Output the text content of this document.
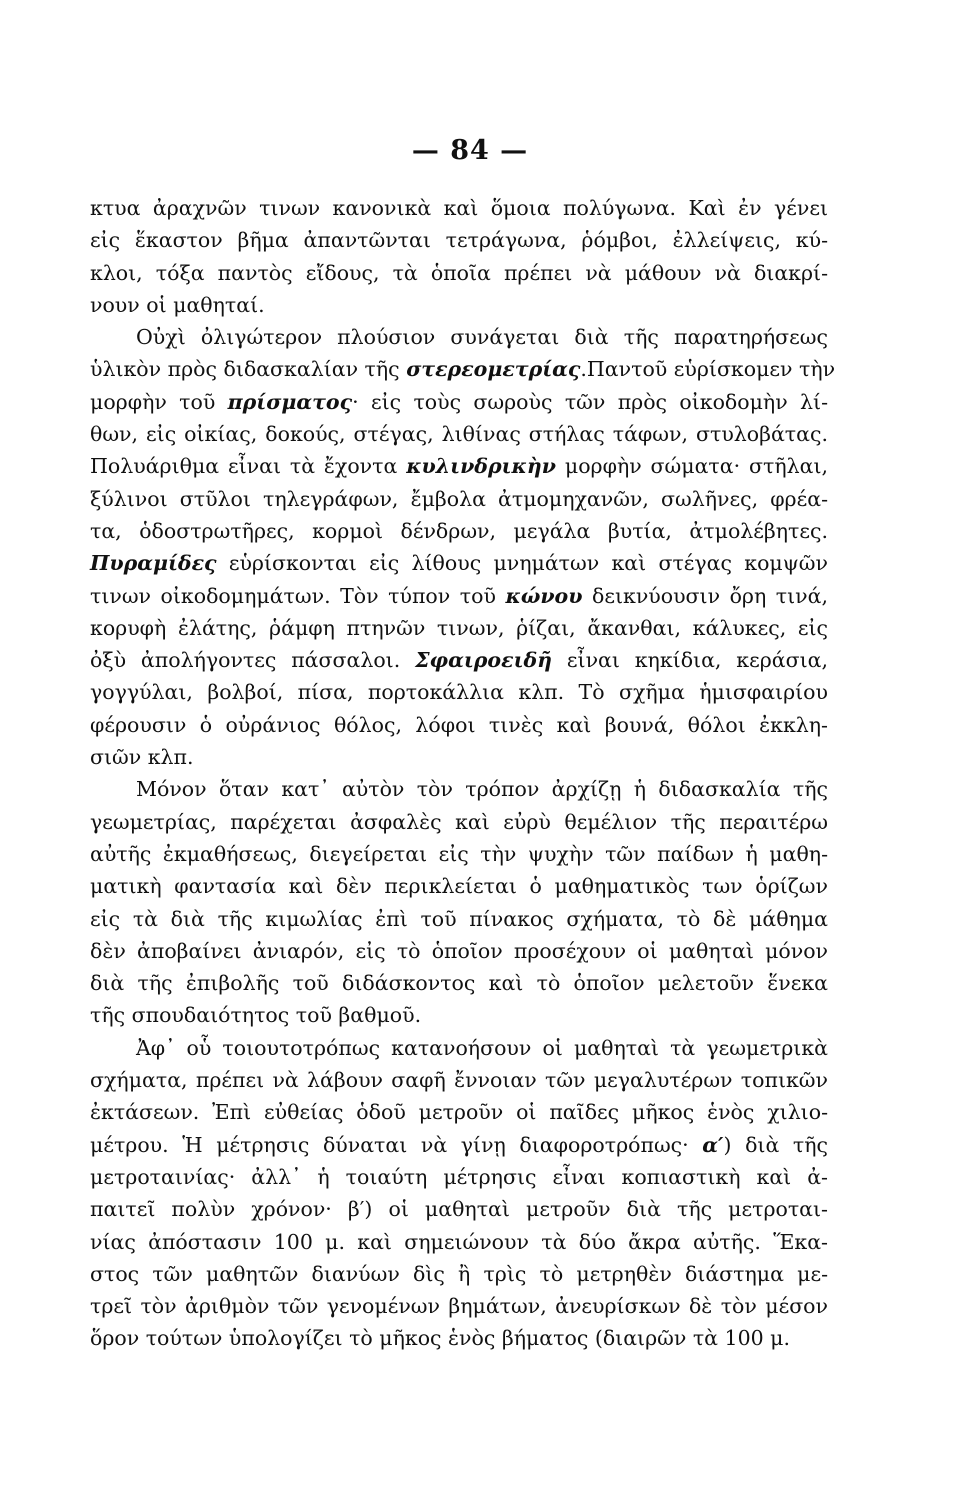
— 84 —
κτυα ἀραχνῶν τινων κανονικὰ καὶ ὅμοια πολύγωνα. Καὶ ἐν γένει
εἰς ἕκαστον βῆμα ἀπαντῶνται τετράγωνα, ῥόμβοι, ἐλλείψεις, κύ-
κλοι, τόξα παντὸς εἴδους, τὰ ὁποῖα πρέπει νὰ μάθουν νὰ διακρί-
νουν οἱ μαθηταί.
Οὐχὶ ὀλιγώτερον πλούσιον συνάγεται διὰ τῆς παρατηρήσεως
ὑλικὸν πρὸς διδασκαλίαν τῆς στερεομετρίας.Παντοῦ εὑρίσκομεν τὴν
μορφὴν τοῦ πρίσματος· εἰς τοὺς σωροὺς τῶν πρὸς οἰκοδομὴν λί-
θων, εἰς οἰκίας, δοκούς, στέγας, λιθίνας στήλας τάφων, στυλοβάτας.
Πολυάριθμα εἶναι τὰ ἔχοντα κυλινδρικὴν μορφὴν σώματα· στῆλαι,
ξύλινοι στῦλοι τηλεγράφων, ἔμβολα ἀτμομηχανῶν, σωλῆνες, φρέα-
τα, ὁδοστρωτῆρες, κορμοὶ δένδρων, μεγάλα βυτία, ἀτμολέβητες.
Πυραμίδες εὑρίσκονται εἰς λίθους μνημάτων καὶ στέγας κομψῶν
τινων οἰκοδομημάτων. Τὸν τύπον τοῦ κώνου δεικνύουσιν ὄρη τινά,
κορυφὴ ἐλάτης, ῥάμφη πτηνῶν τινων, ῥίζαι, ἄκανθαι, κάλυκες, εἰς
ὀξὺ ἀπολήγοντες πάσσαλοι. Σφαιροειδῆ εἶναι κηκίδια, κεράσια,
γογγύλαι, βολβοί, πίσα, πορτοκάλλια κλπ. Τὸ σχῆμα ἡμισφαιρίου
φέρουσιν ὁ οὐράνιος θόλος, λόφοι τινὲς καὶ βουνά, θόλοι ἐκκλη-
σιῶν κλπ.
Μόνον ὅταν κατ᾽ αὐτὸν τὸν τρόπον ἀρχίζῃ ἡ διδασκαλία τῆς
γεωμετρίας, παρέχεται ἀσφαλὲς καὶ εὐρὺ θεμέλιον τῆς περαιτέρω
αὐτῆς ἐκμαθήσεως, διεγείρεται εἰς τὴν ψυχὴν τῶν παίδων ἡ μαθη-
ματικὴ φαντασία καὶ δὲν περικλείεται ὁ μαθηματικὸς των ὁρίζων
εἰς τὰ διὰ τῆς κιμωλίας ἐπὶ τοῦ πίνακος σχήματα, τὸ δὲ μάθημα
δὲν ἀποβαίνει ἀνιαρόν, εἰς τὸ ὁποῖον προσέχουν οἱ μαθηταὶ μόνον
διὰ τῆς ἐπιβολῆς τοῦ διδάσκοντος καὶ τὸ ὁποῖον μελετοῦν ἕνεκα
τῆς σπουδαιότητος τοῦ βαθμοῦ.
Ἀφ᾽ οὗ τοιουτοτρόπως κατανοήσουν οἱ μαθηταὶ τὰ γεωμετρικὰ
σχήματα, πρέπει νὰ λάβουν σαφῆ ἔννοιαν τῶν μεγαλυτέρων τοπικῶν
ἐκτάσεων. Ἐπὶ εὐθείας ὁδοῦ μετροῦν οἱ παῖδες μῆκος ἑνὸς χιλιο-
μέτρου. Ἡ μέτρησις δύναται νὰ γίνῃ διαφοροτρόπως· α′) διὰ τῆς
μετροταινίας· ἀλλ᾽ ἡ τοιαύτη μέτρησις εἶναι κοπιαστικὴ καὶ ἀ-
παιτεῖ πολὺν χρόνον· β′) οἱ μαθηταὶ μετροῦν διὰ τῆς μετροται-
νίας ἀπόστασιν 100 μ. καὶ σημειώνουν τὰ δύο ἄκρα αὐτῆς. Ἕκα-
στος τῶν μαθητῶν διανύων δὶς ἢ τρὶς τὸ μετρηθὲν διάστημα με-
τρεῖ τὸν ἀριθμὸν τῶν γενομένων βημάτων, ἀνευρίσκων δὲ τὸν μέσον
ὅρον τούτων ὑπολογίζει τὸ μῆκος ἑνὸς βήματος (διαιρῶν τὰ 100 μ.
